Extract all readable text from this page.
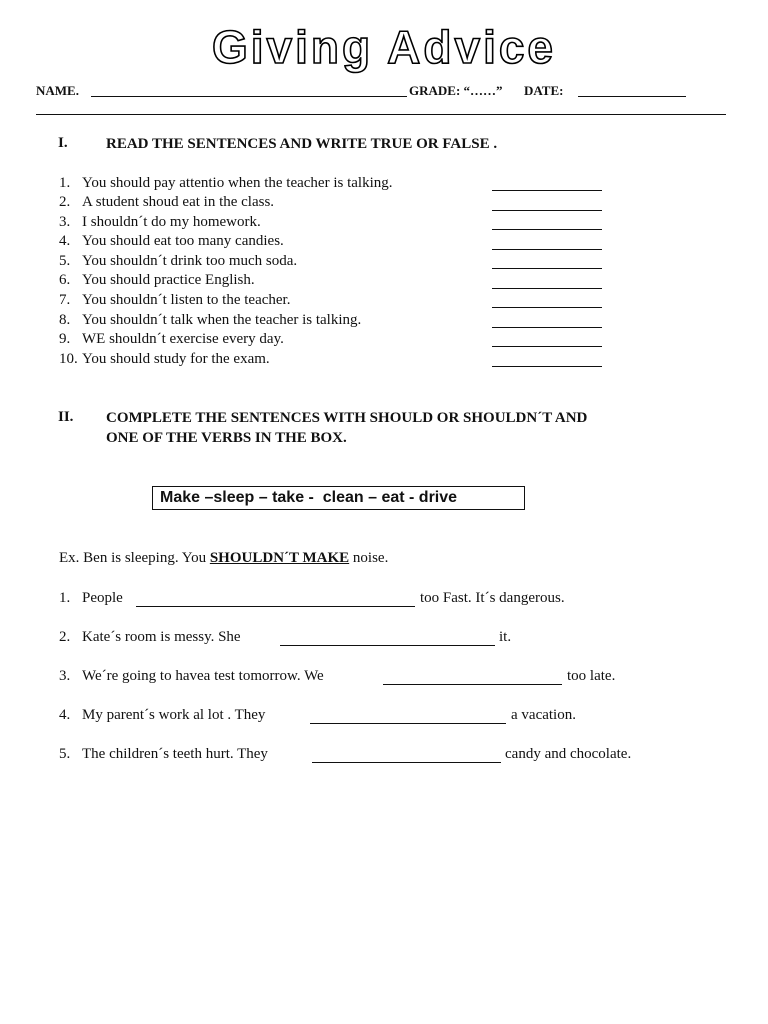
Giving Advice
NAME.	GRADE: “……” DATE:
I.	READ THE SENTENCES AND WRITE TRUE OR FALSE .
1. You should pay attentio when the teacher is talking.
2. A student shoud eat in the class.
3. I shouldn´t do my homework.
4. You should eat too many candies.
5. You shouldn´t drink too much soda.
6. You should practice English.
7. You shouldn´t listen to the teacher.
8. You shouldn´t talk when the teacher is talking.
9. WE shouldn´t exercise every day.
10. You should study for the exam.
II. COMPLETE THE SENTENCES WITH SHOULD OR SHOULDN´T AND
ONE OF THE VERBS IN THE BOX.
Make –sleep – take -  clean – eat - drive
Ex. Ben is sleeping. You SHOULDN´T MAKE noise.
1. People	too Fast. It´s dangerous.
2. Kate´s room is messy. She	it.
3. We´re going to havea test tomorrow. We	too late.
4. My parent´s work al lot . They	a vacation.
5. The children´s teeth hurt. They	candy and chocolate.
